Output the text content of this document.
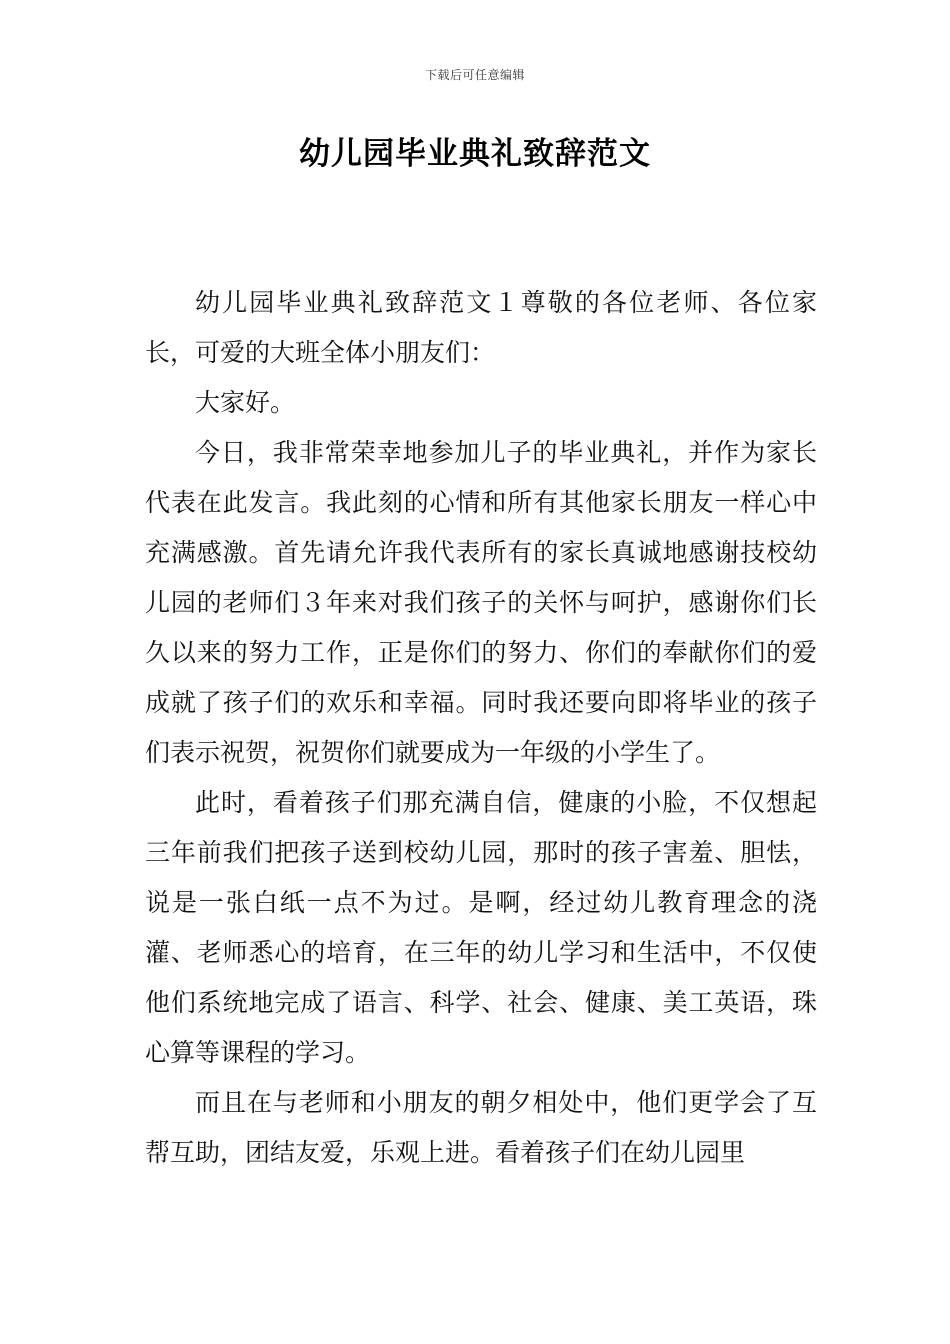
下载后可任意编辑
幼儿园毕业典礼致辞范文

幼儿园毕业典礼致辞范文１尊敬的各位老师、各位家长，可爱的大班全体小朋友们：

大家好。

今日，我非常荣幸地参加儿子的毕业典礼，并作为家长代表在此发言。我此刻的心情和所有其他家长朋友一样心中充满感激。首先请允许我代表所有的家长真诚地感谢技校幼儿园的老师们３年来对我们孩子的关怀与呵护，感谢你们长久以来的努力工作，正是你们的努力、你们的奉献你们的爱成就了孩子们的欢乐和幸福。同时我还要向即将毕业的孩子们表示祝贺，祝贺你们就要成为一年级的小学生了。

此时，看着孩子们那充满自信，健康的小脸，不仅想起三年前我们把孩子送到校幼儿园，那时的孩子害羞、胆怯，说是一张白纸一点不为过。是啊，经过幼儿教育理念的浇灌、老师悉心的培育，在三年的幼儿学习和生活中，不仅使他们系统地完成了语言、科学、社会、健康、美工英语，珠心算等课程的学习。

而且在与老师和小朋友的朝夕相处中，他们更学会了互帮互助，团结友爱，乐观上进。看着孩子们在幼儿园里
